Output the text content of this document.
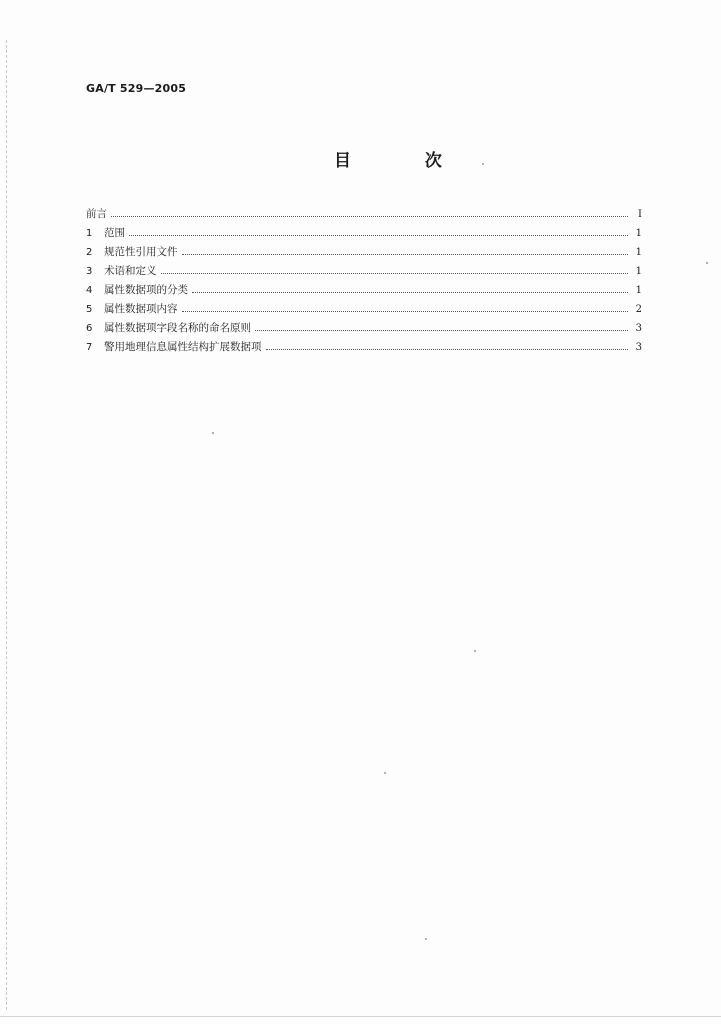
GA/T 529—2005
目 次
前言	I
1	范围	1
2	规范性引用文件	1
3	术语和定义	1
4	属性数据项的分类	1
5	属性数据项内容	2
6	属性数据项字段名称的命名原则	3
7	警用地理信息属性结构扩展数据项	3
